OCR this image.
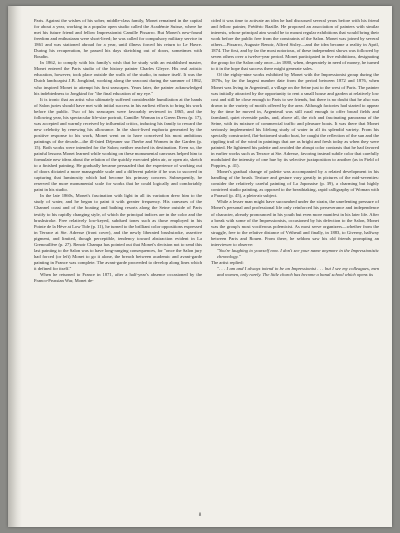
Paris. Against the wishes of his sober, middle-class family, Monet remained in the capital for about a year, working in a popular open studio called the Académie Suisse, where he met his future friend and fellow Impressionist Camille Pissarro. But Monet's new-found freedom and enthusiasm were short-lived; he was called for compulsory military service in 1861 and was stationed abroad for a year, until illness forced his return to Le Havre. During his recuperation, he passed his days sketching out of doors, sometimes with Boudin.

In 1862, to comply with his family's wish that he study with an established master, Monet entered the Paris studio of the history painter Charles Gleyre. His real artistic education, however, took place outside the walls of the studio, in nature itself. It was the Dutch landscapist J.B. Jongkind, working along the seacoast during the summer of 1862, who inspired Monet to attempt his first seascapes. Years later, the painter acknowledged his indebtedness to Jongkind for "the final education of my eye."

It is ironic that an artist who ultimately suffered considerable humiliation at the hands of Salon juries should have met with initial success in his earliest efforts to bring his work before the public. Two of his seascapes were favorably reviewed in 1865, and the following year, his spectacular life-size portrait, Camille: Woman in a Green Dress (p. 17), was accepted and warmly received by influential critics, inducing his family to reward the new celebrity by renewing his allowance. In the short-lived euphoria generated by the positive response to his work, Monet went on to have conceived his most ambitious paintings of the decade—the ill-fated Déjeuner sur l'herbe and Women in the Garden (p. 15). Both works were intended for the Salon; neither reached its destination. Even so, the painful lessons Monet learned while working on these monumental canvases helped him to formulate new ideas about the relation of the quickly executed plein air, or open air, sketch to a finished painting. He gradually became persuaded that the experience of working out of doors dictated a more manageable scale and a different palette if he was to succeed in capturing that luminosity which had become his primary concern. Subsequently, he reserved the more monumental scale for works that he could logically and comfortably paint in his studio.

In the late 1860s, Monet's fascination with light in all its variation drew him to the study of water, and he began to paint it with greater frequency. His canvases of the Channel coast and of the boating and bathing resorts along the Seine outside of Paris testify to his rapidly changing style, of which the principal indices are in the color and the brushstroke. Free relatively low-keyed, subdued tones such as those employed in his Pointe de la Hève at Low Tide (p. 11), he turned to the brilliant color oppositions expressed in Terrace at Ste. Adresse (front cover), and the newly liberated brushstroke, assertive pigment, and limited, though perceptible, tendency toward abstraction evident in La Grenouillère (p. 27). Renoir Champa has pointed out that Monet's decision not to send this last painting to the Salon was to have long-ranging consequences, for "once the Salon jury had forced (or left) Monet to go it alone, the breach between academic and avant-garde painting in France was complete. The avant-garde proceeded to develop along lines which it defined for itself."

When he returned to France in 1871, after a half-year's absence occasioned by the Franco-Prussian War, Monet de-

cided it was time to activate an idea he had discussed several years before with his friend and fellow painter, Frédéric Bazille. He proposed an association of painters with similar interests, whose principal aim would be to mount regular exhibitions that would bring their work before the public free from the constraints of the Salon. Monet was joined by several others—Pissarro, Auguste Renoir, Alfred Sisley—and the idea became a reality in April, 1874. The first, and by far the most notorious, of these independent shows was followed by seven others over a twelve-year period. Monet participated in five exhibitions, designating the group for the Salon only once—in 1880, when, desperately in need of money, he turned to it in the hope that success there might generate sales.

Of the eighty-nine works exhibited by Monet with the Impressionist group during the 1870s, by far the largest number date from the period between 1872 and 1876, when Monet was living in Argenteuil, a village on the Seine just to the west of Paris. The painter was initially attracted by the opportunity to rent a small house and garden at relatively low cost and still be close enough to Paris to see friends, but there is no doubt that he also was drawn to the variety of motifs offered by the area. Although factories had started to appear by the time he moved in, Argenteuil was still rural enough to offer broad fields and farmland, quiet riverside paths, and, above all, the rich and fascinating panorama of the Seine, with its mixture of commercial traffic and pleasure boats. It was there that Monet seriously implemented his lifelong study of water in all its splendid variety. From his specially constructed, flat-bottomed studio boat, he caught the reflection of the sun and the rippling trail of the wind in paintings that are as bright and fresh today as when they were painted. He lightened his palette and avoided the abrupt color contrasts that he had favored in earlier works such as Terrace at Ste. Adresse, favoring instead subtle color that carefully modulated the intensity of one hue by its selective juxtaposition to another (as in Field of Poppies, p. 41).

Monet's gradual change of palette was accompanied by a related development in his handling of the brush. Texture and gesture vary greatly in pictures of the mid-seventies: consider the relatively careful painting of La Japonaise (p. 39), a charming but highly contrived studio painting, as opposed to the breathtaking, rapid calligraphy of Woman with a Parasol (p. 45), a plein-air subject.

While a lesser man might have succumbed under the strain, the unrelenting pressure of Monet's personal and professional life only reinforced his perseverance and independence of character, already pronounced in his youth but even more manifest in his later life. After a break with some of the Impressionists, occasioned by his defection to the Salon, Monet was the group's most vociferous polemicist. As most serve organizers—whether from the struggle, free to the relative distance of Vétheuil and finally, in 1883, to Giverny, halfway between Paris and Rouen. From there, he seldom saw his old friends prompting an interviewer to observe:

"You're laughing to yourself now. I don't see your name anymore in the Impressionistic chronology."

The artist replied:

". . . I am and I always intend to be an Impressionist . . . but I see my colleagues, men and women, only rarely. The little church has become a banal school which opens its

8
